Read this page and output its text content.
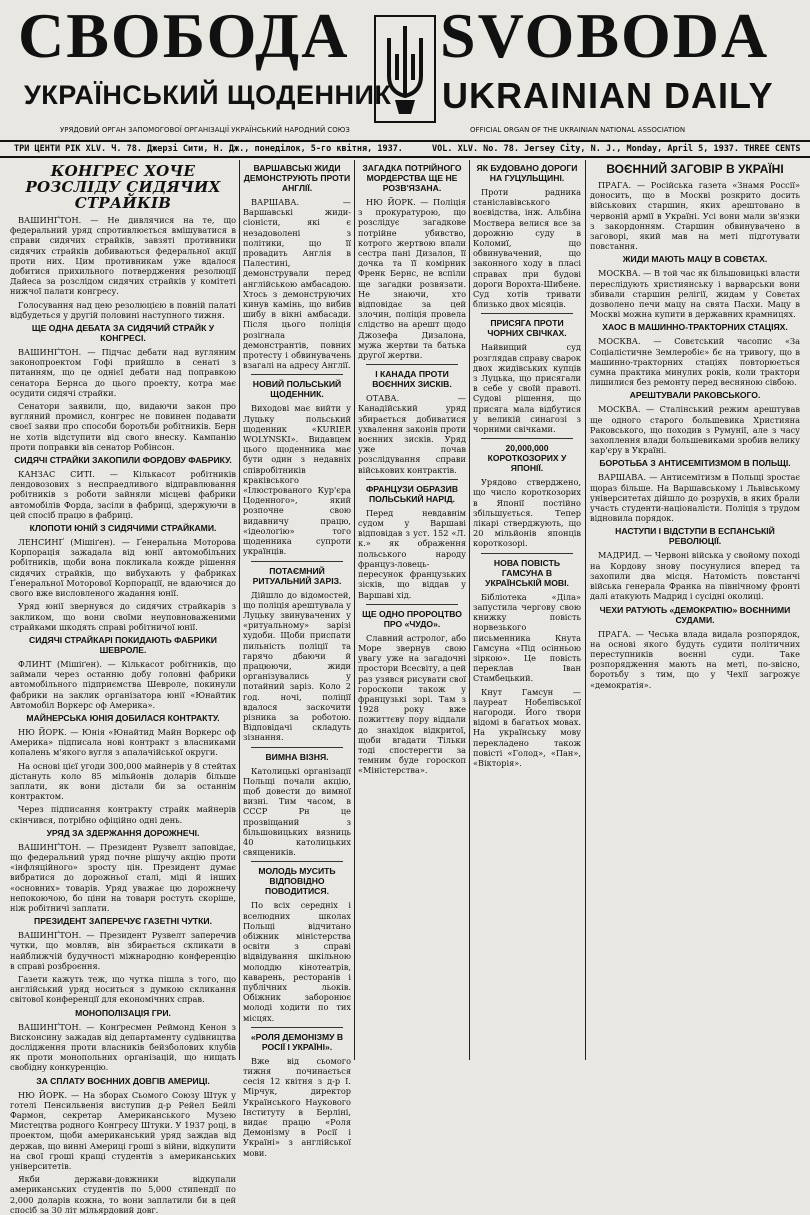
СВОБОДА SVOBODA
УКРАЇНСЬКИЙ ЩОДЕННИК UKRAINIAN DAILY
УРЯДОВИЙ ОРГАН ЗАПОМОГОВОЇ ОРГАНІЗАЦІЇ УКРАЇНСЬКИЙ НАРОДНИЙ СОЮЗ	OFFICIAL ORGAN OF THE UKRAINIAN NATIONAL ASSOCIATION
ТРИ ЦЕНТИ РІК XLV. Ч. 78. Джерзі Сити, Н. Дж., понеділок, 5-го квітня, 1937.	VOL. XLV. No. 78. Jersey City, N. J., Monday, April 5, 1937. THREE CENTS
КОНГРЕС ХОЧЕ РОЗСЛІДУ СИДЯЧИХ СТРАЙКІВ

ВАШИНҐТОН. — Не дивлячися на те, що федеральний уряд спротивлюється вмішуватися в справи сидячих страйків, завзяті противники сидячих страйків добиваються федеральної акції проти них. Цим противникам уже вдалося добитися прихильного потвердження резолюції Дайеса за розслідом сидячих страйків у комітеті нижчої палати конгресу.

Голосування над цею резолюцією в повній палаті відбудеться у другій половині наступного тижня.

ЩЕ ОДНА ДЕБАТА ЗА СИДЯЧИЙ СТРАЙК У КОНГРЕСІ.

ВАШИНҐТОН. — Підчас дебати над вугляним законопроектом Гофі прийшло в сенаті з питанням, що це однієї дебати над поправкою сенатора Бернса до цього проекту, котра має осудити сидячі страйки.

Сенатори заявили, що, видаючи закон про вугляний промисл, конгрес не повинен подавати своєї заяви про способи боротьби робітників. Берн не хотів відступити від свого внеску. Кампанію проти поправки вів сенатор Робінсон.

СИДЯЧІ СТРАЙКИ ЗАКОПИЛИ ФОРДОВУ ФАБРИКУ.

КАНЗАС СИТІ. — Кількасот робітників лендовозових з неспраедливого відправлювання робітників з роботи зайняли місцеві фабрики автомобілів Форда, засіли в фабриці, здержуючи в цей спосіб працю в фабриці.

КЛОПОТИ ЮНІЙ З СИДЯЧИМИ СТРАЙКАМИ.

ЛЕНСИНҐ (Мішіґен). — Ґенеральна Моторова Корпорація зажадала від юнії автомобільних робітників, щоби вона покликала кожде рішення сидячих страйків, що вибухають у фабриках Ґенеральної Моторової Корпорації, не вдаючися до свого вже висловленого жадання юнії.

Уряд юнії звернувся до сидячих страйкарів з закликом, що вони своїми неуповноваженими страйками шкодять справі робітничої юнії.

СИДЯЧІ СТРАЙКАРІ ПОКИДАЮТЬ ФАБРИКИ ШЕВРОЛЕ.

ФЛИНТ (Мішіґен). — Кількасот робітників, що займали через останню добу головні фабрики автомобільного підприємства Шевроле, покинули фабрики на заклик організатора юнії «Юнайтик Автомобіл Воркерс оф Америка».

МАЙНЕРСЬКА ЮНІЯ ДОБИЛАСЯ КОНТРАКТУ.

НЮ ЙОРК. — Юнія «Юнайтид Майн Воркерс оф Америка» підписала нові контракт з власниками копалень м'якого вугля з апалачійської округи.

На основі цієї угоди 300,000 майнерів у 8 стейтах дістануть коло 85 мільйонів доларів більше заплати, як вони дістали би за останнім контрактом.

Через підписання контракту страйк майнерів скінчився, потрібно офіційно одні день.

УРЯД ЗА ЗДЕРЖАННЯ ДОРОЖНЕЧІ.

ВАШИНҐТОН. — Президент Рузвелт заповідає, що федеральний уряд почне рішучу акцію проти «інфляційного» зросту цін. Президент думає вибратися до дорожньої сталі, міді й інших «основних» товарів. Уряд уважає цю дорожнечу непокоючою, бо ціни на товари ростуть скоріше, ніж робітничі заплати.

ПРЕЗИДЕНТ ЗАПЕРЕЧУЄ ГАЗЕТНІ ЧУТКИ.

ВАШИНҐТОН. — Президент Рузвелт заперечив чутки, що мовляв, він збирається скликати в найближчій будучності міжнародню конференцію в справі розброєння.

Газети кажуть теж, що чутка пішла з того, що англійський уряд носиться з думкою скликання світової конференції для економічних справ.

МОНОПОЛІЗАЦІЯ ГРИ.

ВАШИНҐТОН. — Конґресмен Реймонд Кенон з Висконсину зажадав від департаменту судівництва дослідження проти власників бейзболових клубів як проти монопольних організацій, що нищать свобідну конкуренцію.

ЗА СПЛАТУ ВОЄННИХ ДОВГІВ АМЕРИЦІ.

НЮ ЙОРК. — На зборах Сьомого Союзу Штук у готелі Пенсильвенія виступив д-р Рейел Бейлі Фармон, секретар Американського Музею Мистецтва родного Конгресу Штуки. У 1937 році, в проектом, щоби американський уряд заждав від держав, що винні Америці гроші з війни, відкупити на свої гроші кращі студентів з американських університетів.

Якби держави-довжники відкупали американських студентів по 5,000 стипендії по 2,000 доларів кожна, то вони заплатили би в цей спосіб за 30 літ мільярдовий довг.

ВАРШАВСЬКІ ЖИДИ ДЕМОНСТРУЮТЬ ПРОТИ АНГЛІЇ.

ВАРШАВА. — Варшавські жиди-сіоністи, які є незадоволені з політики, що її провадить Англія в Палестині, демонстрували перед англійською амбасадою. Хтось з демонструючих кинув камінь, що вибив шибу в вікні амбасади. Після цього поліція розігнала демонстрантів, повних протесту і обвинувачень взагалі на адресу Англії.

НОВИЙ ПОЛЬСЬКИЙ ЩОДЕННИК.

Виходові має вийти у Луцьку польський щоденник «KURIER WOLYNSKI». Видавцем цього щоденника має бути один з недавніх співробітників краківського «Ілюстрованого Кур'єра Цоденного», який розпочне свою видавничу працю, «ідеологію» того щоденника супроти українців.

ПОТАЄМНИЙ РИТУАЛЬНИЙ ЗАРІЗ.

Дійшло до відомостей, що поліція арештувала у Луцьку звинувачених у «ритуальному» зарізі худоби. Щоби приспати пильність поліції та гарячо дбаючи й працюючи, жиди організувались у потайний заріз. Коло 2 год. ночі, поліції вдалося заскочити різника за роботою. Відповідачі складуть зізнання.

ВИМНА ВІЗНЯ.

Католицькі організації Польщі почали акцію, щоб довести до вимної визні. Тим часом, в СССР Рн це прозвіщаний з більшовицьких вязниць 40 католицьких священиків.

МОЛОДЬ МУСИТЬ ВІДПОВІДНО ПОВОДИТИСЯ.

По всіх середніх і вселюдних школах Польщі відчитано обіжник міністерства освіти з справі відвідування шкільною молоддю кінотеатрів, каварень, ресторанів і публічних льоків. Обіжник заборонює молоді ходити по тих місцях.

«РОЛЯ ДЕМОНІЗМУ В РОСІЇ І УКРАЇНІ».

Вже від сьомого тижня починається сесія 12 квітня з д-р І. Мірчук, директор Українського Наукового Інституту в Берліні, видає працю «Роля Демонізму в Росії і Україні» з англійської мови.

ЗАГАДКА ПОТРІЙНОГО МОРДЕРСТВА ЩЕ НЕ РОЗВ'ЯЗАНА.

НЮ ЙОРК. — Поліція з прокуратурою, що розслідує загадкове потрійне убивство, котрого жертвою впали сестра пані Дизалон, її дочка та її комірник Френк Бернс, не вспіли ще загадки розвязати. Не знаючи, хто відповідає за цей злочин, поліція провела слідство на арешт щодо Джозефа Дизалона, мужа жертви та батька другої жертви.

І КАНАДА ПРОТИ ВОЄННИХ ЗИСКІВ.

ОТАВА. — Канадійський уряд збирається добиватися ухвалення законів проти воєнних зисків. Уряд уже почав розслідування справи військових контрактів.

ФРАНЦУЗИ ОБРАЗИВ ПОЛЬСЬКИЙ НАРІД.

Перед невдавнім судом у Варшаві відповідав з уст. 152 «Л. к.» як ображення польського народу француз-ловець-пересунок французьких зісків, що віддав у Варшаві хід.

ЩЕ ОДНО ПРОРОЦТВО ПРО «ЧУДО».

Славний астролог, або Море звернув свою увагу уже на загадочні простори Всесвіту, а цей раз узявся рисувати свої гороскопи також у французькі зорі. Там з 1928 року вже пожиттєву пору віддали до знахідок відкритої, щоби вгадати Тільки тоді спостерегти за темним буде гороскоп «Міністерства».

ЯК БУДОВАНО ДОРОГИ НА ГУЦУЛЬЩИНІ.

Проти радника станіславівського воєвідства, інж. Альбіна Моствера велися все за дорожню суду в Коломиї, що обвинувачений, що законного ходу в пласі справах при будові дороги Ворохта-Шибене. Суд хотів тривати близько двох місяців.

ПРИСЯГА ПРОТИ ЧОРНИХ СВІЧКАХ.

Найвищий суд розглядав справу сварок двох жидівських купців з Луцька, що присягали в себе у своїй правоті. Судові рішення, що присяга мала відбутися у великій синагозі з чорними свічками.

20,000,000 КОРОТКОЗОРИХ У ЯПОНІЇ.

Урядово стверджено, що число короткозорих в Японії постійно збільшується. Тепер лікарі стверджують, що 20 мільйонів японців короткозорі.

НОВА ПОВІСТЬ ГАМСУНА В УКРАЇНСЬКІЙ МОВІ.

Бібліотека «Діла» запустила чергову свою книжку повість норвезького письменника Кнута Гамсуна «Під осінньою зіркою». Це повість переклав Іван Стамбецький.

Кнут Гамсун — лауреат Нобелівської нагороди. Його твори відомі в багатьох мовах. На українську мову перекладено також повісті «Голод», «Пан», «Вікторія».

ВОЄННИЙ ЗАГОВІР В УКРАЇНІ

ПРАГА. — Російська газета «Знамя Россії» доносить, що в Москві розкрито досить військових старшин, яких арештовано в червоній армії в Україні. Усі вони мали зв'язки з закордонням. Старшин обвинувачено в заговорі, який мав на меті підготувати повстання.

ЖИДИ МАЮТЬ МАЦУ В СОВЄТАХ.

МОСКВА. — В той час як більшовицькі власти переслідують християнську і варварськи вони збивали старшин релігії, жидам у Совєтах дозволено печи мацу на свята Пасхи. Мацу в Москві можна купити в державних крамницях.

ХАОС В МАШИННО-ТРАКТОРНИХ СТАЦІЯХ.

МОСКВА. — Совєтський часопис «За Соціалістичне Землеробіє» бє на тривогу, що в машинно-тракторних стаціях повторюється сумна практика минулих років, коли трактори лишилися без ремонту перед весняною сівбою.

АРЕШТУВАЛИ РАКОВСЬКОГО.

МОСКВА. — Сталінський режим арештував ще одного старого большевика Християна Раковського, що походив з Румунії, але з часу захоплення влади большевиками зробив велику кар'єру в Україні.

БОРОТЬБА З АНТИСЕМІТИЗМОМ В ПОЛЬЩІ.

ВАРШАВА. — Антисемітизм в Польщі зростає щораз більше. На Варшавському і Львівському університетах дійшло до розрухів, в яких брали участь студенти-націоналісти. Поліція з трудом відновила порядок.

НАСТУПИ І ВІДСТУПИ В ЕСПАНСЬКІЙ РЕВОЛЮЦІЇ.

МАДРИД. — Червоні війська у свойому поході на Кордову знову посунулися вперед та захопили два місця. Натомість повстанчі війська генерала Франка на північному фронті далі атакують Мадрид і сусідні околиці.

ЧЕХИ РАТУЮТЬ «ДЕМОКРАТІЮ» ВОЄННИМИ СУДАМИ.

ПРАГА. — Чеська влада видала розпорядок, на основі якого будуть судити політичних переступників воєнні суди. Таке розпорядження мають на меті, по-звісно, боротьбу з тим, що у Чехії загрожує «демократія».
